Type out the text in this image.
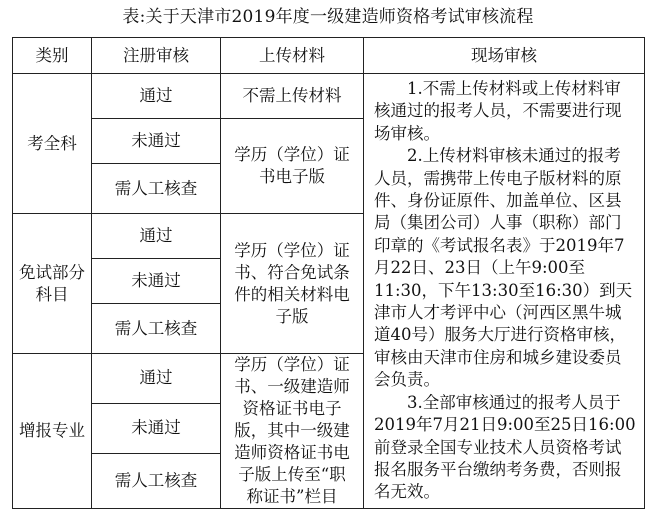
表:关于天津市2019年度一级建造师资格考试审核流程
类别	注册审核	上传材料	现场审核
考全科	通过	不需上传材料	1.不需上传材料或上传材料审核通过的报考人员，不需要进行现场审核。

2.上传材料审核未通过的报考人员，需携带上传电子版材料的原件、身份证原件、加盖单位、区县局（集团公司）人事（职称）部门印章的《考试报名表》于2019年7月22日、23日（上午9:00至11:30，下午13:30至16:30）到天津市人才考评中心（河西区黑牛城道40号）服务大厅进行资格审核，审核由天津市住房和城乡建设委员会负责。

3.全部审核通过的报考人员于2019年7月21日9:00至25日16:00前登录全国专业技术人员资格考试报名服务平台缴纳考务费，否则报名无效。

	未通过	学历（学位）证书电子版	
	需人工核查		
免试部分科目	通过	学历（学位）证书、符合免试条件的相关材料电子版	
	未通过		
	需人工核查		
增报专业	通过	学历（学位）证书、一级建造师资格证书电子版，其中一级建造师资格证书电子版上传至“职称证书”栏目	
	未通过		
	需人工核查		
